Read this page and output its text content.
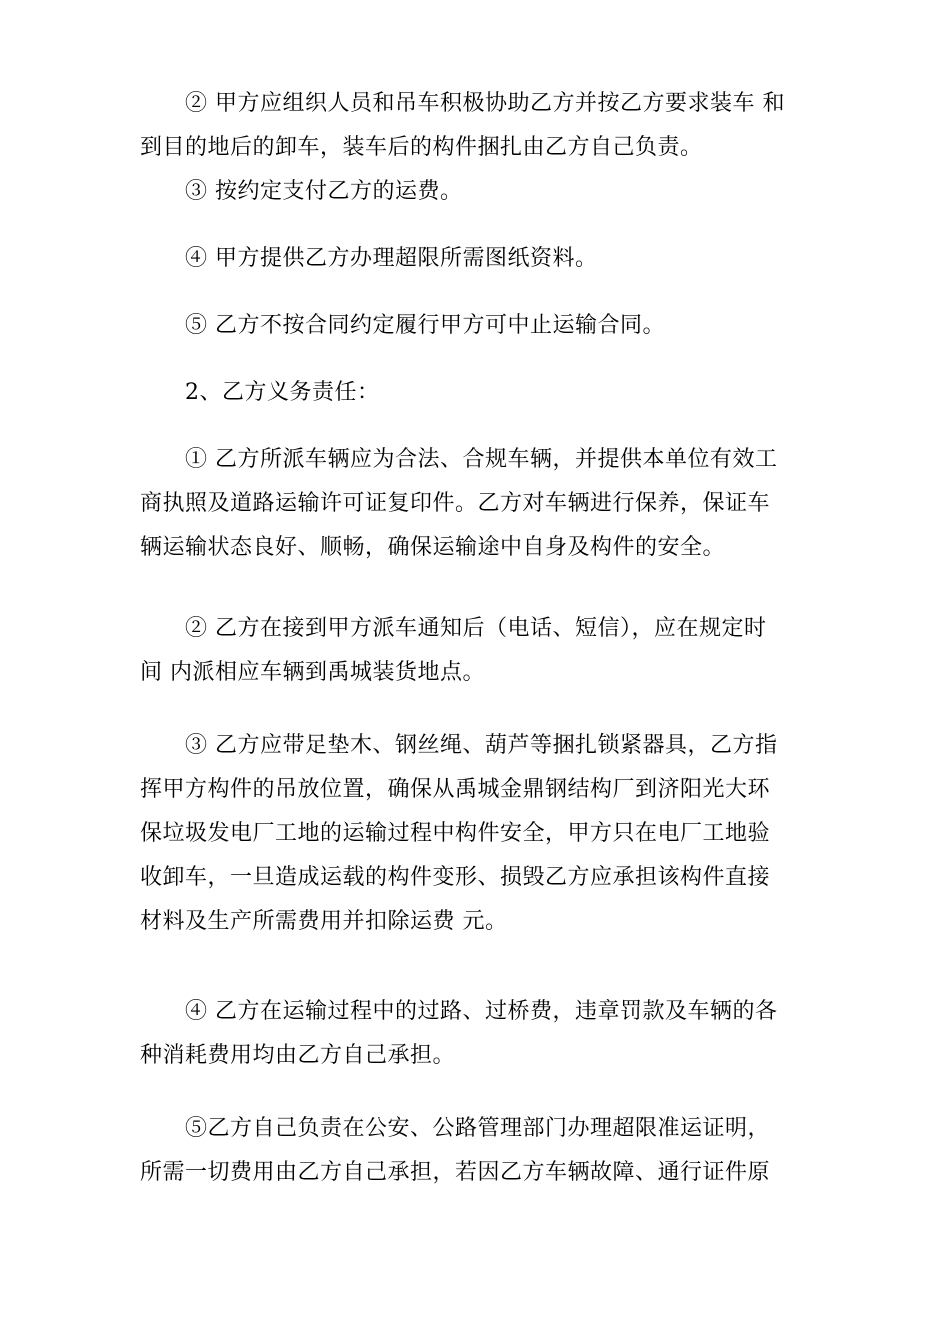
② 甲方应组织人员和吊车积极协助乙方并按乙方要求装车 和
到目的地后的卸车，装车后的构件捆扎由乙方自己负责。
③ 按约定支付乙方的运费。
④ 甲方提供乙方办理超限所需图纸资料。
⑤ 乙方不按合同约定履行甲方可中止运输合同。
2、乙方义务责任：
① 乙方所派车辆应为合法、合规车辆，并提供本单位有效工
商执照及道路运输许可证复印件。乙方对车辆进行保养，保证车
辆运输状态良好、顺畅，确保运输途中自身及构件的安全。
② 乙方在接到甲方派车通知后（电话、短信），应在规定时
间 内派相应车辆到禹城装货地点。
③ 乙方应带足垫木、钢丝绳、葫芦等捆扎锁紧器具，乙方指
挥甲方构件的吊放位置，确保从禹城金鼎钢结构厂到济阳光大环
保垃圾发电厂工地的运输过程中构件安全，甲方只在电厂工地验
收卸车，一旦造成运载的构件变形、损毁乙方应承担该构件直接
材料及生产所需费用并扣除运费 元。
④ 乙方在运输过程中的过路、过桥费，违章罚款及车辆的各
种消耗费用均由乙方自己承担。
⑤乙方自己负责在公安、公路管理部门办理超限准运证明，
所需一切费用由乙方自己承担，若因乙方车辆故障、通行证件原
